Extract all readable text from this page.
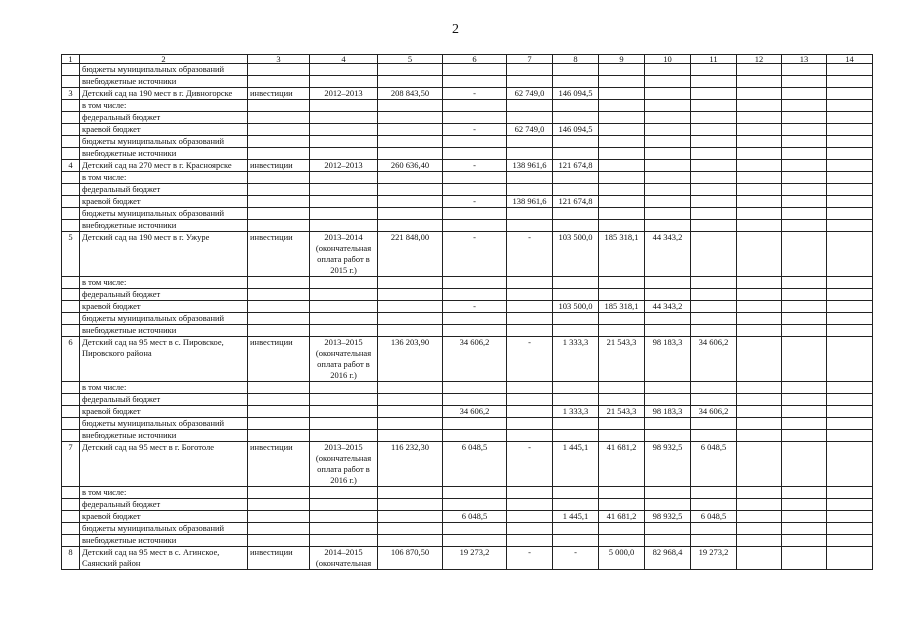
2
1	2	3	4	5	6	7	8	9	10	11	12	13	14
	бюджеты муниципальных образований												
	внебюджетные источники												
3	Детский сад на 190 мест в г. Дивногорске	инвестиции	2012–2013	208 843,50	-	62 749,0	146 094,5						
	в том числе:												
	федеральный бюджет												
	краевой бюджет				-	62 749,0	146 094,5						
	бюджеты муниципальных образований												
	внебюджетные источники												
4	Детский сад на 270 мест в г. Красноярске	инвестиции	2012–2013	260 636,40	-	138 961,6	121 674,8						
	в том числе:												
	федеральный бюджет												
	краевой бюджет				-	138 961,6	121 674,8						
	бюджеты муниципальных образований												
	внебюджетные источники												
5	Детский сад на 190 мест в г. Ужуре	инвестиции	2013–2014 (окончательная оплата работ в 2015 г.)	221 848,00	-	-	103 500,0	185 318,1	44 343,2				
	в том числе:												
	федеральный бюджет												
	краевой бюджет				-		103 500,0	185 318,1	44 343,2				
	бюджеты муниципальных образований												
	внебюджетные источники												
6	Детский сад на 95 мест в с. Пировское, Пировского района	инвестиции	2013–2015 (окончательная оплата работ в 2016 г.)	136 203,90	34 606,2	-	1 333,3	21 543,3	98 183,3	34 606,2			
	в том числе:												
	федеральный бюджет												
	краевой бюджет				34 606,2		1 333,3	21 543,3	98 183,3	34 606,2			
	бюджеты муниципальных образований												
	внебюджетные источники												
7	Детский сад на 95 мест в г. Боготоле	инвестиции	2013–2015 (окончательная оплата работ в 2016 г.)	116 232,30	6 048,5	-	1 445,1	41 681,2	98 932,5	6 048,5			
	в том числе:												
	федеральный бюджет												
	краевой бюджет				6 048,5		1 445,1	41 681,2	98 932,5	6 048,5			
	бюджеты муниципальных образований												
	внебюджетные источники												
8	Детский сад на 95 мест в с. Агинское, Саянский район	инвестиции	2014–2015 (окончательная	106 870,50	19 273,2	-	-	5 000,0	82 968,4	19 273,2			
